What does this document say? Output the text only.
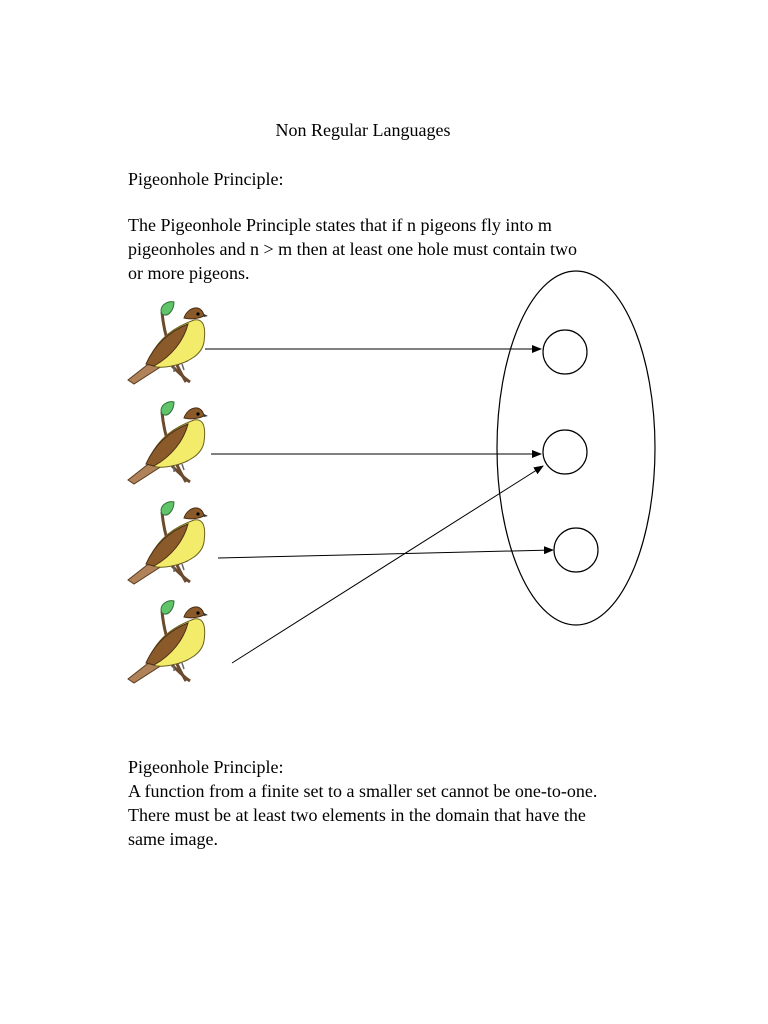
Non Regular Languages
Pigeonhole Principle:
The Pigeonhole Principle states that if n pigeons fly into m pigeonholes and n > m then at least one hole must contain two or more pigeons.
Pigeonhole Principle:
A function from a finite set to a smaller set cannot be one-to-one. There must be at least two elements in the domain that have the same image.
